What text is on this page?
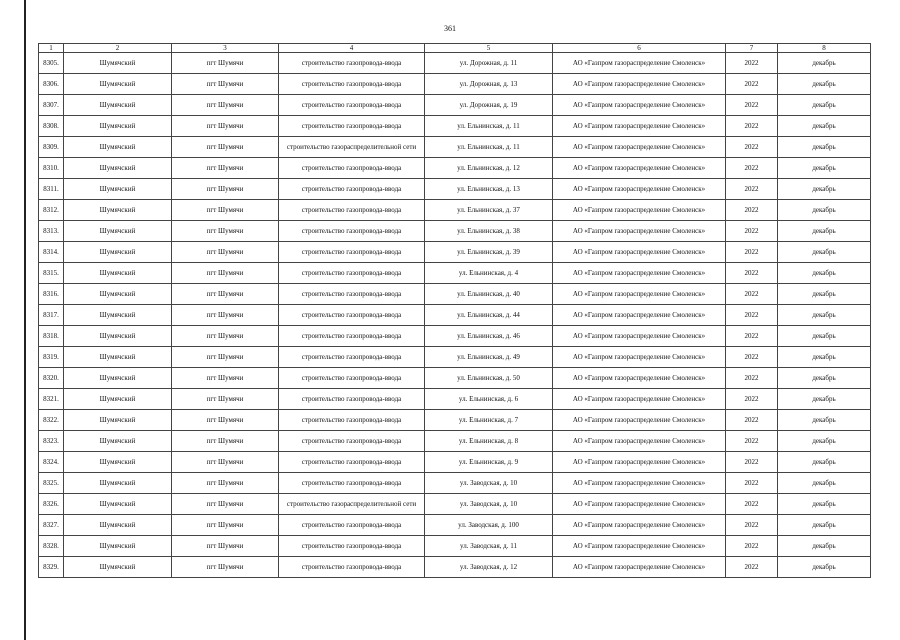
361
1	2	3	4	5	6	7	8
8305.	Шумячский	пгт Шумячи	строительство газопровода-ввода	ул. Дорожная, д. 11	АО «Газпром газораспределение Смоленск»	2022	декабрь
8306.	Шумячский	пгт Шумячи	строительство газопровода-ввода	ул. Дорожная, д. 13	АО «Газпром газораспределение Смоленск»	2022	декабрь
8307.	Шумячский	пгт Шумячи	строительство газопровода-ввода	ул. Дорожная, д. 19	АО «Газпром газораспределение Смоленск»	2022	декабрь
8308.	Шумячский	пгт Шумячи	строительство газопровода-ввода	ул. Ельнинская, д. 11	АО «Газпром газораспределение Смоленск»	2022	декабрь
8309.	Шумячский	пгт Шумячи	строительство газораспределительной сети	ул. Ельнинская, д. 11	АО «Газпром газораспределение Смоленск»	2022	декабрь
8310.	Шумячский	пгт Шумячи	строительство газопровода-ввода	ул. Ельнинская, д. 12	АО «Газпром газораспределение Смоленск»	2022	декабрь
8311.	Шумячский	пгт Шумячи	строительство газопровода-ввода	ул. Ельнинская, д. 13	АО «Газпром газораспределение Смоленск»	2022	декабрь
8312.	Шумячский	пгт Шумячи	строительство газопровода-ввода	ул. Ельнинская, д. 37	АО «Газпром газораспределение Смоленск»	2022	декабрь
8313.	Шумячский	пгт Шумячи	строительство газопровода-ввода	ул. Ельнинская, д. 38	АО «Газпром газораспределение Смоленск»	2022	декабрь
8314.	Шумячский	пгт Шумячи	строительство газопровода-ввода	ул. Ельнинская, д. 39	АО «Газпром газораспределение Смоленск»	2022	декабрь
8315.	Шумячский	пгт Шумячи	строительство газопровода-ввода	ул. Ельнинская, д. 4	АО «Газпром газораспределение Смоленск»	2022	декабрь
8316.	Шумячский	пгт Шумячи	строительство газопровода-ввода	ул. Ельнинская, д. 40	АО «Газпром газораспределение Смоленск»	2022	декабрь
8317.	Шумячский	пгт Шумячи	строительство газопровода-ввода	ул. Ельнинская, д. 44	АО «Газпром газораспределение Смоленск»	2022	декабрь
8318.	Шумячский	пгт Шумячи	строительство газопровода-ввода	ул. Ельнинская, д. 46	АО «Газпром газораспределение Смоленск»	2022	декабрь
8319.	Шумячский	пгт Шумячи	строительство газопровода-ввода	ул. Ельнинская, д. 49	АО «Газпром газораспределение Смоленск»	2022	декабрь
8320.	Шумячский	пгт Шумячи	строительство газопровода-ввода	ул. Ельнинская, д. 50	АО «Газпром газораспределение Смоленск»	2022	декабрь
8321.	Шумячский	пгт Шумячи	строительство газопровода-ввода	ул. Ельнинская, д. 6	АО «Газпром газораспределение Смоленск»	2022	декабрь
8322.	Шумячский	пгт Шумячи	строительство газопровода-ввода	ул. Ельнинская, д. 7	АО «Газпром газораспределение Смоленск»	2022	декабрь
8323.	Шумячский	пгт Шумячи	строительство газопровода-ввода	ул. Ельнинская, д. 8	АО «Газпром газораспределение Смоленск»	2022	декабрь
8324.	Шумячский	пгт Шумячи	строительство газопровода-ввода	ул. Ельнинская, д. 9	АО «Газпром газораспределение Смоленск»	2022	декабрь
8325.	Шумячский	пгт Шумячи	строительство газопровода-ввода	ул. Заводская, д. 10	АО «Газпром газораспределение Смоленск»	2022	декабрь
8326.	Шумячский	пгт Шумячи	строительство газораспределительной сети	ул. Заводская, д. 10	АО «Газпром газораспределение Смоленск»	2022	декабрь
8327.	Шумячский	пгт Шумячи	строительство газопровода-ввода	ул. Заводская, д. 100	АО «Газпром газораспределение Смоленск»	2022	декабрь
8328.	Шумячский	пгт Шумячи	строительство газопровода-ввода	ул. Заводская, д. 11	АО «Газпром газораспределение Смоленск»	2022	декабрь
8329.	Шумячский	пгт Шумячи	строительство газопровода-ввода	ул. Заводская, д. 12	АО «Газпром газораспределение Смоленск»	2022	декабрь
